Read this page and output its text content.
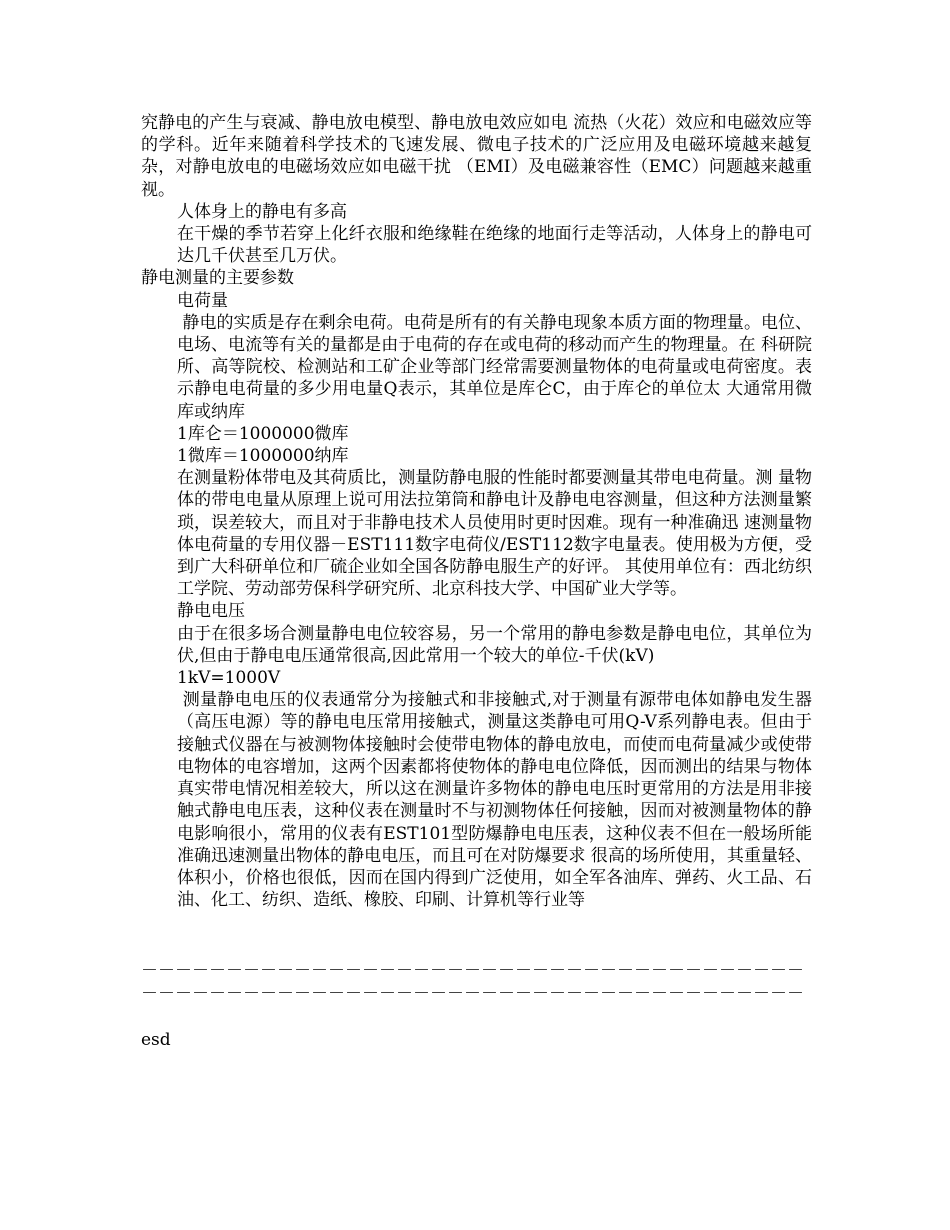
究静电的产生与衰减、静电放电模型、静电放电效应如电 流热（火花）效应和电磁效应等的学科。近年来随着科学技术的飞速发展、微电子技术的广泛应用及电磁环境越来越复杂，对静电放电的电磁场效应如电磁干扰 （EMI）及电磁兼容性（EMC）问题越来越重视。

人体身上的静电有多高

在干燥的季节若穿上化纤衣服和绝缘鞋在绝缘的地面行走等活动，人体身上的静电可达几千伏甚至几万伏。

静电测量的主要参数

电荷量

静电的实质是存在剩余电荷。电荷是所有的有关静电现象本质方面的物理量。电位、电场、电流等有关的量都是由于电荷的存在或电荷的移动而产生的物理量。在 科研院所、高等院校、检测站和工矿企业等部门经常需要测量物体的电荷量或电荷密度。表示静电电荷量的多少用电量Q表示，其单位是库仑C，由于库仑的单位太 大通常用微库或纳库

1库仑＝1000000微库

1微库＝1000000纳库

在测量粉体带电及其荷质比，测量防静电服的性能时都要测量其带电电荷量。测 量物体的带电电量从原理上说可用法拉第筒和静电计及静电电容测量，但这种方法测量繁琐，误差较大，而且对于非静电技术人员使用时更时因难。现有一种准确迅 速测量物体电荷量的专用仪器－EST111数字电荷仪/EST112数字电量表。使用极为方便，受到广大科研单位和厂硫企业如全国各防静电服生产的好评。 其使用单位有：西北纺织工学院、劳动部劳保科学研究所、北京科技大学、中国矿业大学等。

静电电压

由于在很多场合测量静电电位较容易，另一个常用的静电参数是静电电位，其单位为伏,但由于静电电压通常很高,因此常用一个较大的单位-千伏(kV)

1kV=1000V

测量静电电压的仪表通常分为接触式和非接触式,对于测量有源带电体如静电发生器（高压电源）等的静电电压常用接触式，测量这类静电可用Q-V系列静电表。但由于接触式仪器在与被测物体接触时会使带电物体的静电放电，而使而电荷量减少或使带电物体的电容增加，这两个因素都将使物体的静电电位降低，因而测出的结果与物体真实带电情况相差较大，所以这在测量许多物体的静电电压时更常用的方法是用非接触式静电电压表，这种仪表在测量时不与初测物体任何接触，因而对被测量物体的静电影响很小，常用的仪表有EST101型防爆静电电压表，这种仪表不但在一般场所能准确迅速测量出物体的静电电压，而且可在对防爆要求 很高的场所使用，其重量轻、体积小，价格也很低，因而在国内得到广泛使用，如全军各油库、弹药、火工品、石油、化工、纺织、造纸、橡胶、印刷、计算机等行业等

－－－－－－－－－－－－－－－－－－－－－－－－－－－－－－－－－－－－－－－－－－－－－－－－－－－－－－－－－－－－－－－－－－－－－－－－－－－－－－
esd
